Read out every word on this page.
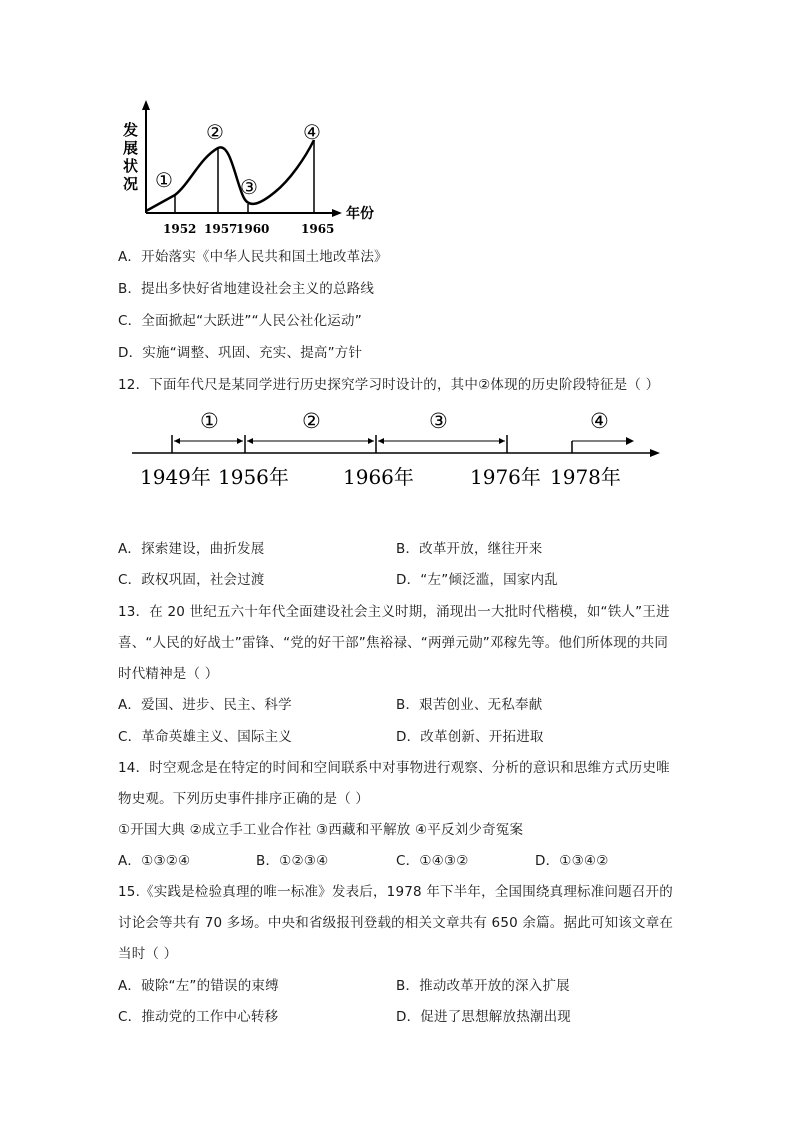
发
展
状
况
年份
①
②
③
④
1952 1957
1960	1965
A．开始落实《中华人民共和国土地改革法》
B．提出多快好省地建设社会主义的总路线
C．全面掀起“大跃进”“人民公社化运动”
D．实施“调整、巩固、充实、提高”方针
12．下面年代尺是某同学进行历史探究学习时设计的，其中②体现的历史阶段特征是（ ）
①	②	③	④
1949年 1956年	1966年	1976年 1978年
A．探索建设，曲折发展	B．改革开放，继往开来
C．政权巩固，社会过渡	D．“左”倾泛滥，国家内乱
13．在 20 世纪五六十年代全面建设社会主义时期，涌现出一大批时代楷模，如“铁人”王进
喜、“人民的好战士”雷锋、“党的好干部”焦裕禄、“两弹元勋”邓稼先等。他们所体现的共同
时代精神是（ ）
A．爱国、进步、民主、科学	B．艰苦创业、无私奉献
C．革命英雄主义、国际主义	D．改革创新、开拓进取
14．时空观念是在特定的时间和空间联系中对事物进行观察、分析的意识和思维方式历史唯
物史观。下列历史事件排序正确的是（ ）
①开国大典 ②成立手工业合作社 ③西藏和平解放 ④平反刘少奇冤案
A．①③②④	B．①②③④	C．①④③②	D．①③④②
15.《实践是检验真理的唯一标准》发表后，1978 年下半年，全国围绕真理标准问题召开的
讨论会等共有 70 多场。中央和省级报刊登载的相关文章共有 650 余篇。据此可知该文章在
当时（ ）
A．破除“左”的错误的束缚	B．推动改革开放的深入扩展
C．推动党的工作中心转移	D．促进了思想解放热潮出现
